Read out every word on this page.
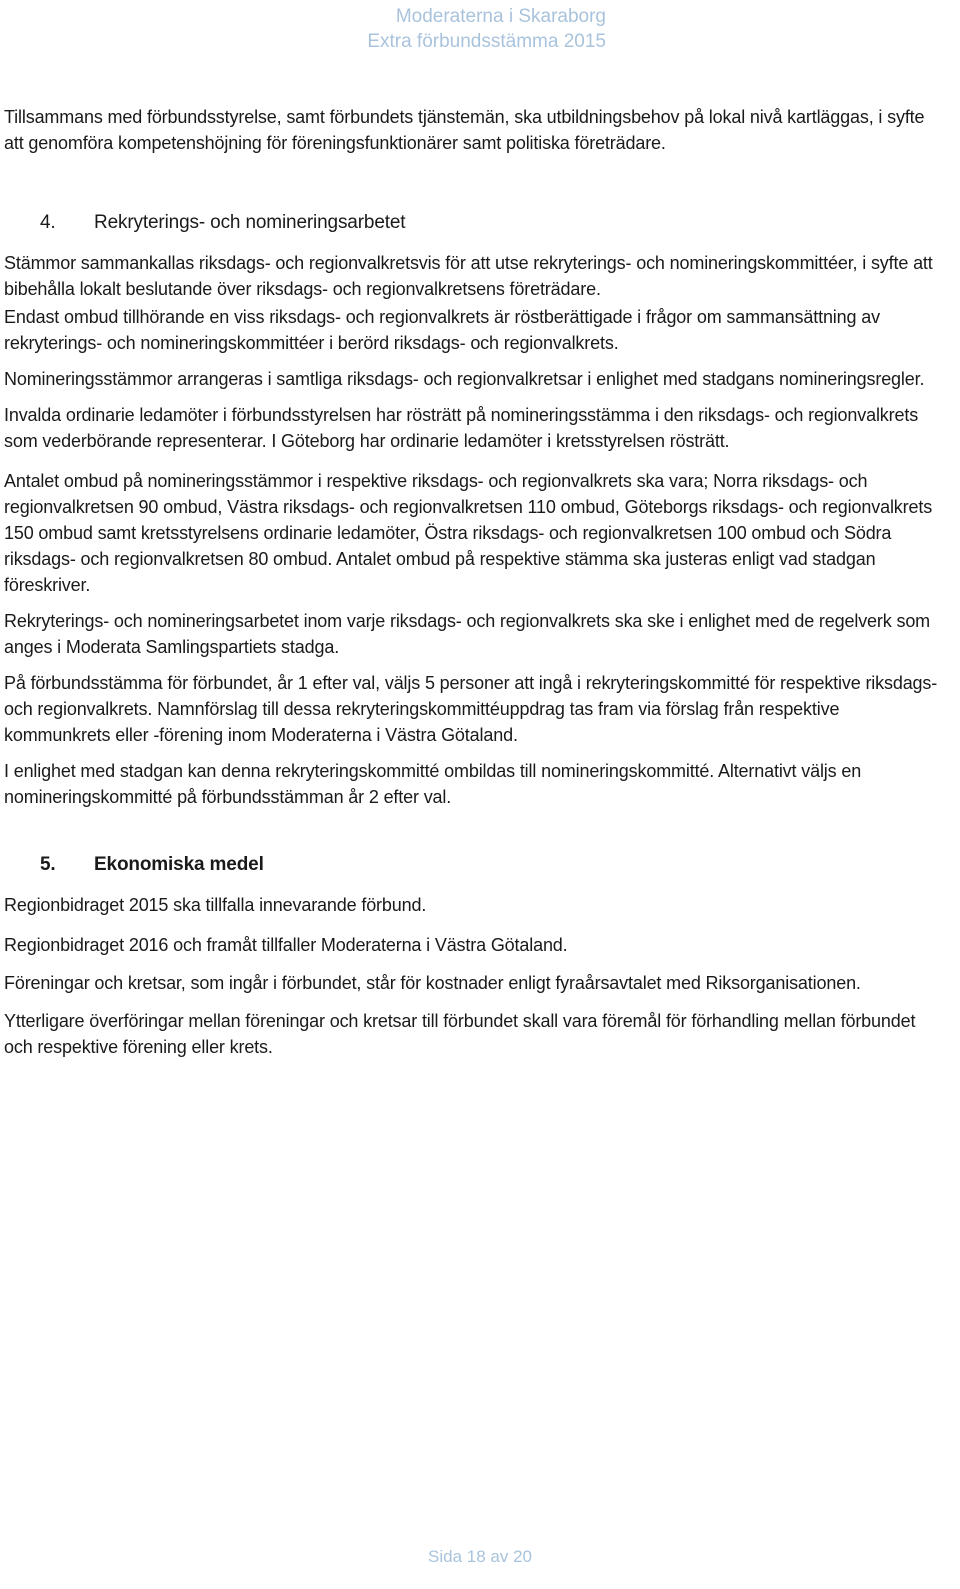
Moderaterna i Skaraborg
Extra förbundsstämma 2015

Tillsammans med förbundsstyrelse, samt förbundets tjänstemän, ska utbildningsbehov på lokal nivå kartläggas, i syfte att genomföra kompetenshöjning för föreningsfunktionärer samt politiska företrädare.

4.	Rekryterings- och nomineringsarbetet

Stämmor sammankallas riksdags- och regionvalkretsvis för att utse rekryterings- och nomineringskommittéer, i syfte att bibehålla lokalt beslutande över riksdags- och regionvalkretsens företrädare.

Endast ombud tillhörande en viss riksdags- och regionvalkrets är röstberättigade i frågor om sammansättning av rekryterings- och nomineringskommittéer i berörd riksdags- och regionvalkrets.

Nomineringsstämmor arrangeras i samtliga riksdags- och regionvalkretsar i enlighet med stadgans nomineringsregler.

Invalda ordinarie ledamöter i förbundsstyrelsen har rösträtt på nomineringsstämma i den riksdags- och regionvalkrets som vederbörande representerar. I Göteborg har ordinarie ledamöter i kretsstyrelsen rösträtt.

Antalet ombud på nomineringsstämmor i respektive riksdags- och regionvalkrets ska vara; Norra riksdags- och regionvalkretsen 90 ombud, Västra riksdags- och regionvalkretsen 110 ombud, Göteborgs riksdags- och regionvalkrets 150 ombud samt kretsstyrelsens ordinarie ledamöter, Östra riksdags- och regionvalkretsen 100 ombud och Södra riksdags- och regionvalkretsen 80 ombud. Antalet ombud på respektive stämma ska justeras enligt vad stadgan föreskriver.

Rekryterings- och nomineringsarbetet inom varje riksdags- och regionvalkrets ska ske i enlighet med de regelverk som anges i Moderata Samlingspartiets stadga.

På förbundsstämma för förbundet, år 1 efter val, väljs 5 personer att ingå i rekryteringskommitté för respektive riksdags- och regionvalkrets. Namnförslag till dessa rekryteringskommittéuppdrag tas fram via förslag från respektive kommunkrets eller -förening inom Moderaterna i Västra Götaland.

I enlighet med stadgan kan denna rekryteringskommitté ombildas till nomineringskommitté. Alternativt väljs en nomineringskommitté på förbundsstämman år 2 efter val.

5.	Ekonomiska medel

Regionbidraget 2015 ska tillfalla innevarande förbund.

Regionbidraget 2016 och framåt tillfaller Moderaterna i Västra Götaland.

Föreningar och kretsar, som ingår i förbundet, står för kostnader enligt fyraårsavtalet med Riksorganisationen.

Ytterligare överföringar mellan föreningar och kretsar till förbundet skall vara föremål för förhandling mellan förbundet och respektive förening eller krets.

Sida 18 av 20
